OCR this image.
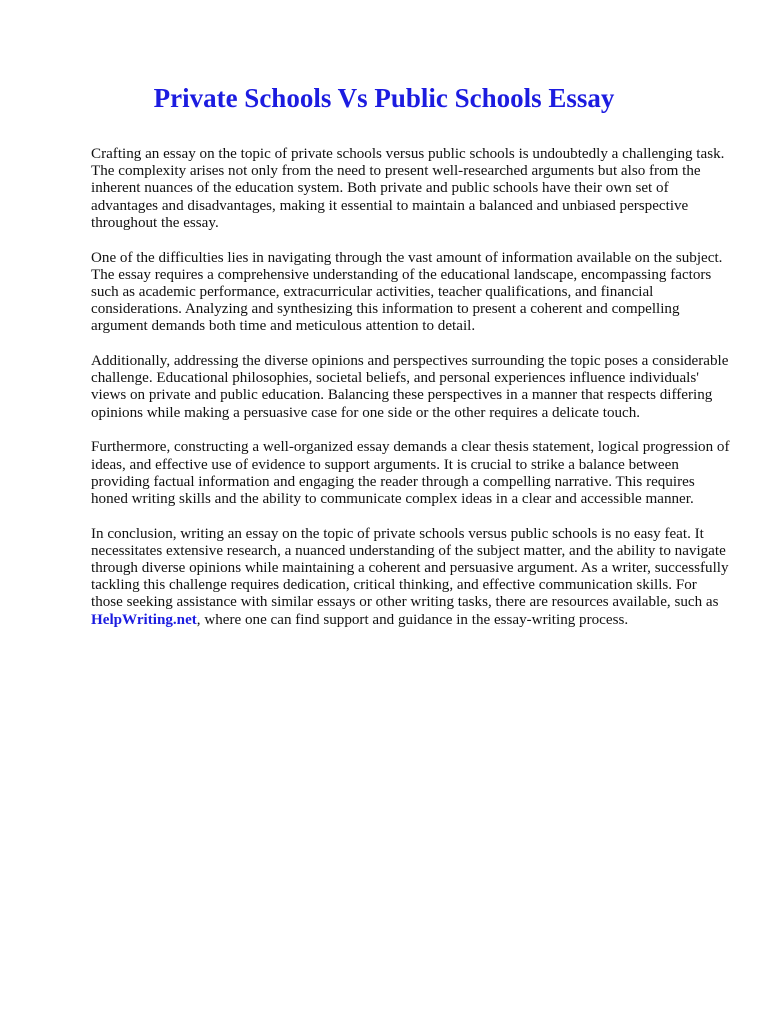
Private Schools Vs Public Schools Essay

Crafting an essay on the topic of private schools versus public schools is undoubtedly a challenging task. The complexity arises not only from the need to present well-researched arguments but also from the inherent nuances of the education system. Both private and public schools have their own set of advantages and disadvantages, making it essential to maintain a balanced and unbiased perspective throughout the essay.

One of the difficulties lies in navigating through the vast amount of information available on the subject. The essay requires a comprehensive understanding of the educational landscape, encompassing factors such as academic performance, extracurricular activities, teacher qualifications, and financial considerations. Analyzing and synthesizing this information to present a coherent and compelling argument demands both time and meticulous attention to detail.

Additionally, addressing the diverse opinions and perspectives surrounding the topic poses a considerable challenge. Educational philosophies, societal beliefs, and personal experiences influence individuals' views on private and public education. Balancing these perspectives in a manner that respects differing opinions while making a persuasive case for one side or the other requires a delicate touch.

Furthermore, constructing a well-organized essay demands a clear thesis statement, logical progression of ideas, and effective use of evidence to support arguments. It is crucial to strike a balance between providing factual information and engaging the reader through a compelling narrative. This requires honed writing skills and the ability to communicate complex ideas in a clear and accessible manner.

In conclusion, writing an essay on the topic of private schools versus public schools is no easy feat. It necessitates extensive research, a nuanced understanding of the subject matter, and the ability to navigate through diverse opinions while maintaining a coherent and persuasive argument. As a writer, successfully tackling this challenge requires dedication, critical thinking, and effective communication skills. For those seeking assistance with similar essays or other writing tasks, there are resources available, such as HelpWriting.net, where one can find support and guidance in the essay-writing process.
